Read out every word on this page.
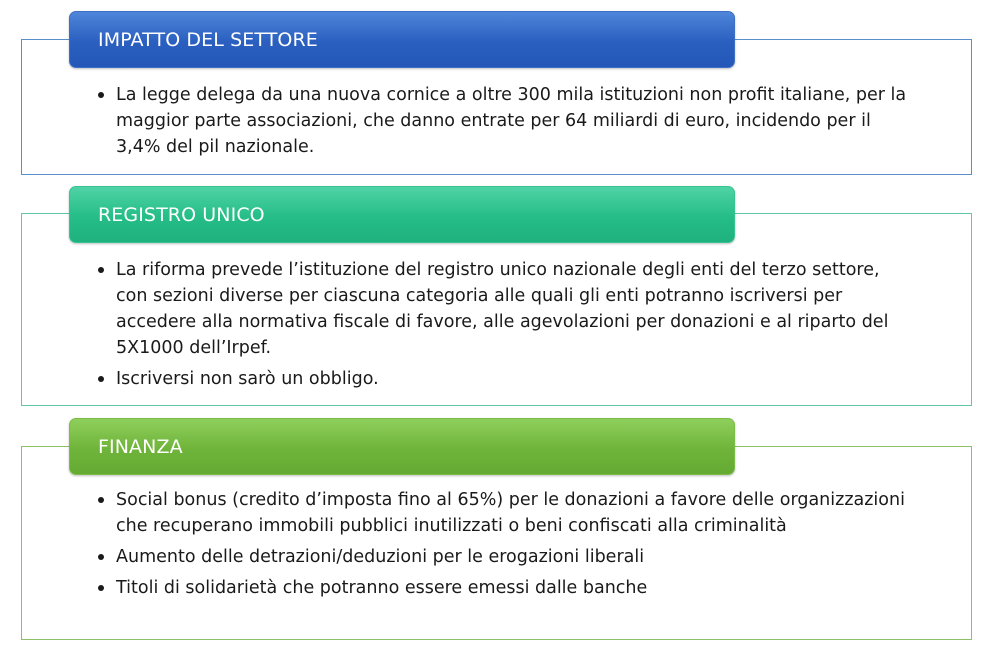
IMPATTO DEL SETTORE
La legge delega da una nuova cornice a oltre 300 mila istituzioni non profit italiane, per la maggior parte associazioni, che danno entrate per 64 miliardi di euro, incidendo per il 3,4% del pil nazionale.
REGISTRO UNICO
La riforma prevede l’istituzione del registro unico nazionale degli enti del terzo settore, con sezioni diverse per ciascuna categoria alle quali gli enti potranno iscriversi per accedere alla normativa fiscale di favore, alle agevolazioni per donazioni e al riparto del 5X1000 dell’Irpef.
Iscriversi non sarò un obbligo.
FINANZA
Social bonus (credito d’imposta fino al 65%) per le donazioni a favore delle organizzazioni che recuperano immobili pubblici inutilizzati o beni confiscati alla criminalità
Aumento delle detrazioni/deduzioni per le erogazioni liberali
Titoli di solidarietà che potranno essere emessi dalle banche
